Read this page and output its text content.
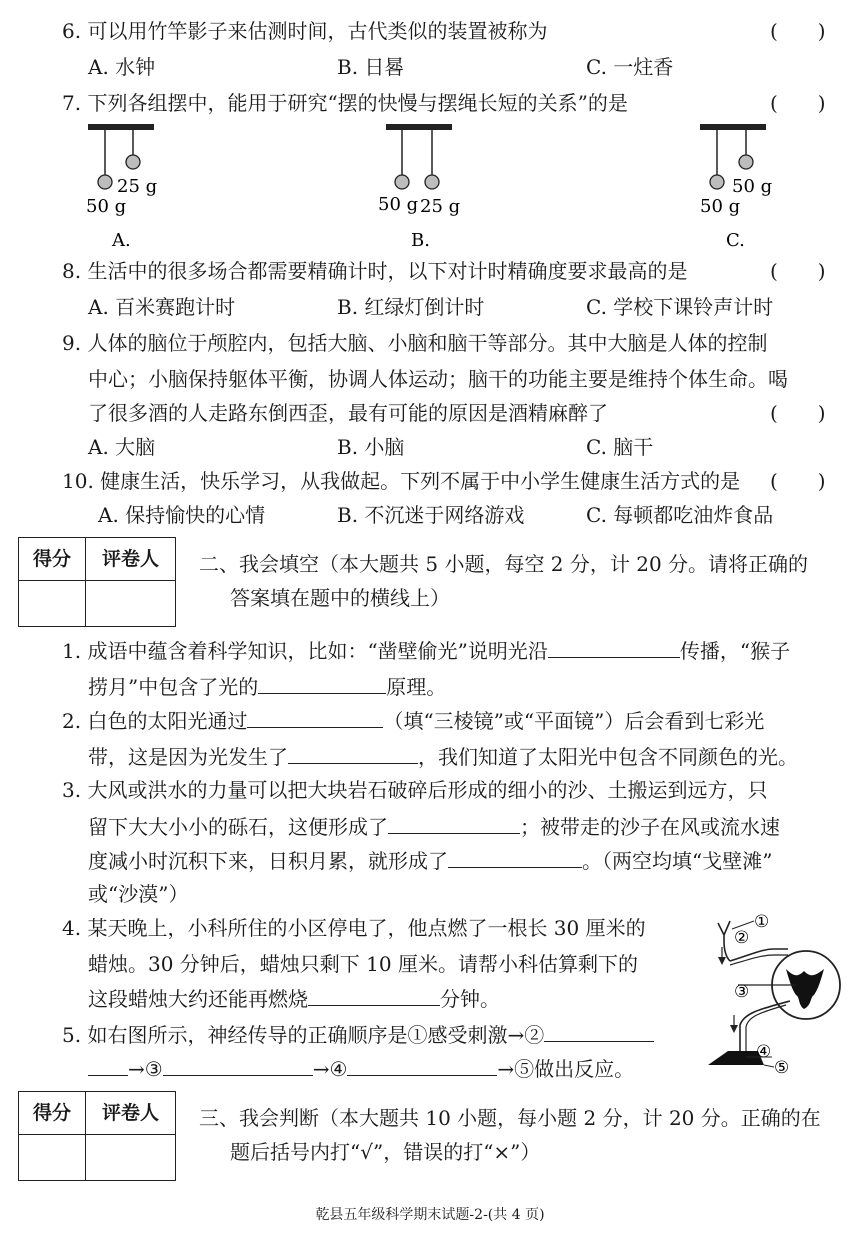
6. 可以用竹竿影子来估测时间，古代类似的装置被称为	(　　)
A. 水钟	B. 日晷	C. 一炷香
7. 下列各组摆中，能用于研究“摆的快慢与摆绳长短的关系”的是	(　　)
25 g
50 g
A.
50 g 25 g
B.
50 g
50 g
C.
8. 生活中的很多场合都需要精确计时，以下对计时精确度要求最高的是	(　　)
A. 百米赛跑计时	B. 红绿灯倒计时	C. 学校下课铃声计时
9. 人体的脑位于颅腔内，包括大脑、小脑和脑干等部分。其中大脑是人体的控制
中心；小脑保持躯体平衡，协调人体运动；脑干的功能主要是维持个体生命。喝
了很多酒的人走路东倒西歪，最有可能的原因是酒精麻醉了	(　　)
A. 大脑	B. 小脑	C. 脑干
10. 健康生活，快乐学习，从我做起。下列不属于中小学生健康生活方式的是 (　　)
A. 保持愉快的心情	B. 不沉迷于网络游戏	C. 每顿都吃油炸食品
得分	评卷人	二、我会填空（本大题共 5 小题，每空 2 分，计 20 分。请将正确的
答案填在题中的横线上）
1. 成语中蕴含着科学知识，比如：“凿壁偷光”说明光沿	传播，“猴子
捞月”中包含了光的	原理。
2. 白色的太阳光通过	（填“三棱镜”或“平面镜”）后会看到七彩光
带，这是因为光发生了	，我们知道了太阳光中包含不同颜色的光。
3. 大风或洪水的力量可以把大块岩石破碎后形成的细小的沙、土搬运到远方，只
留下大大小小的砾石，这便形成了	；被带走的沙子在风或流水速
度减小时沉积下来，日积月累，就形成了	。（两空均填“戈壁滩”
或“沙漠”）
4. 某天晚上，小科所住的小区停电了，他点燃了一根长 30 厘米的
蜡烛。30 分钟后，蜡烛只剩下 10 厘米。请帮小科估算剩下的
这段蜡烛大约还能再燃烧	分钟。
5. 如右图所示，神经传导的正确顺序是①感受刺激→②
→③	→④	→⑤做出反应。
①
②
③
④
⑤
得分	评卷人	三、我会判断（本大题共 10 小题，每小题 2 分，计 20 分。正确的在
题后括号内打“√”，错误的打“×”）
乾县五年级科学期末试题-2-(共 4 页)
